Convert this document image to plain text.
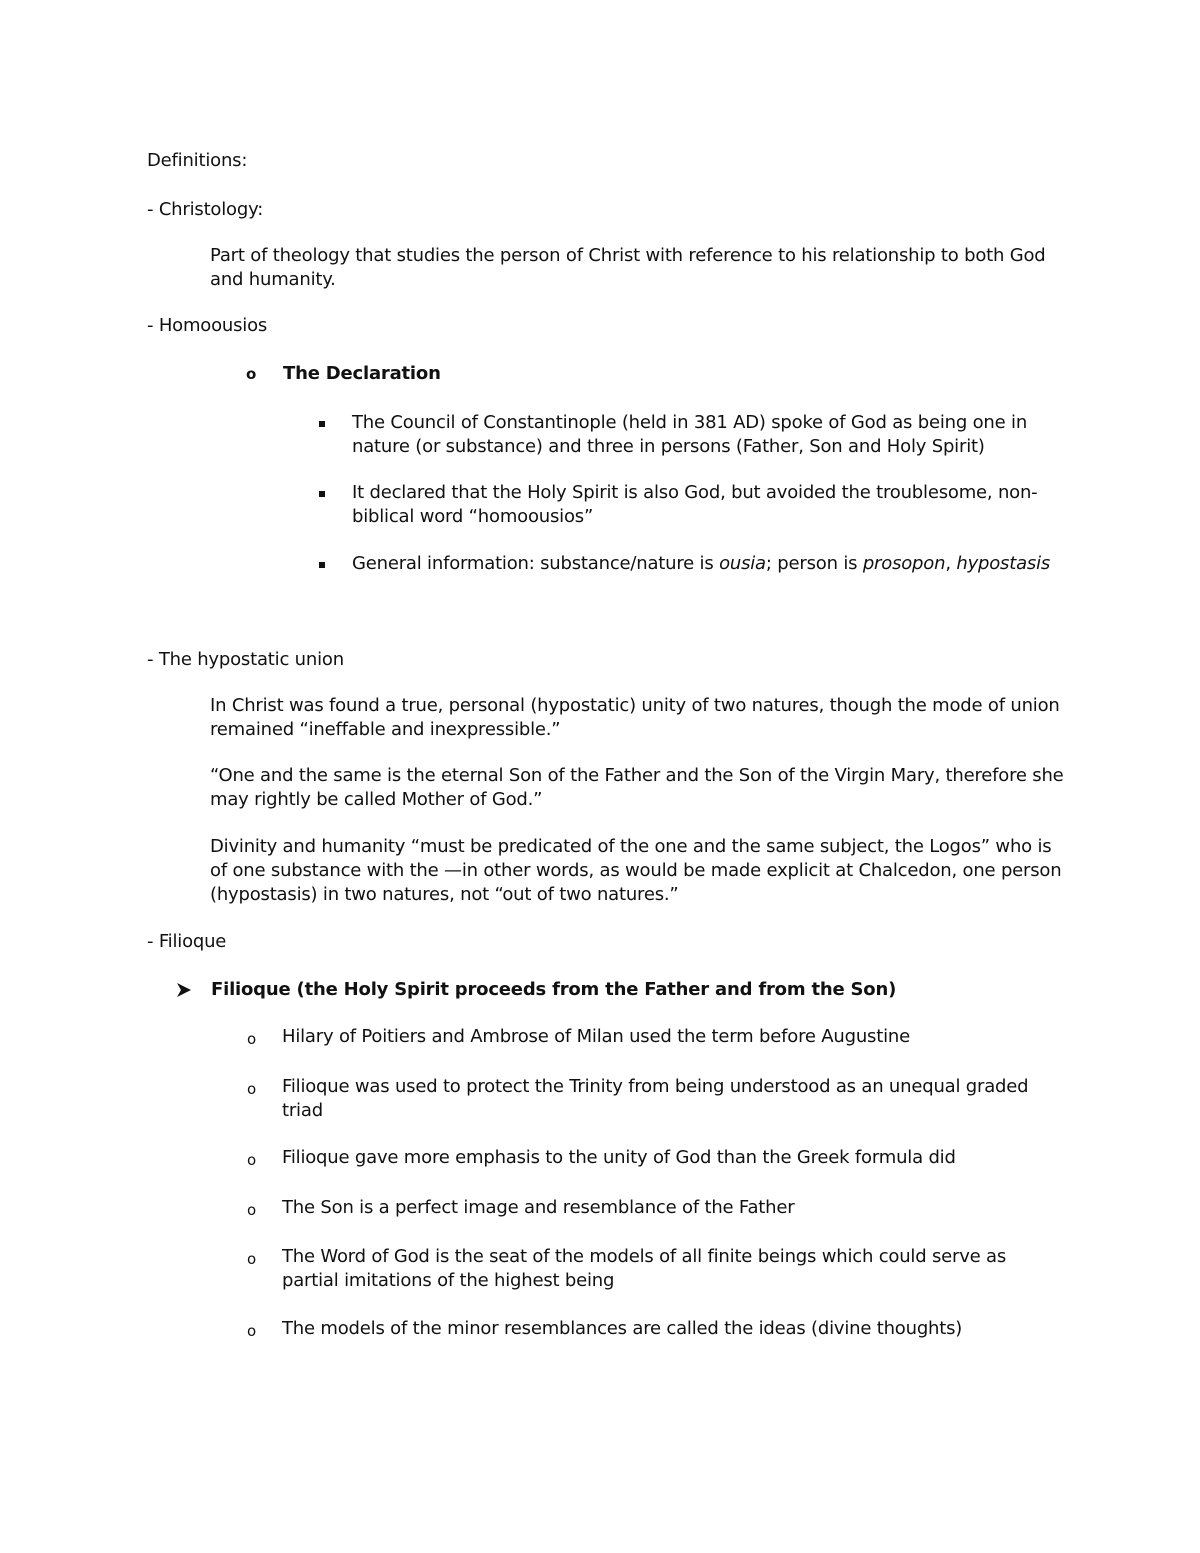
Definitions:
- Christology:
Part of theology that studies the person of Christ with reference to his relationship to both God and humanity.
- Homoousios
o The Declaration
The Council of Constantinople (held in 381 AD) spoke of God as being one in nature (or substance) and three in persons (Father, Son and Holy Spirit)
It declared that the Holy Spirit is also God, but avoided the troublesome, non-biblical word “homoousios”
General information: substance/nature is ousia; person is prosopon, hypostasis
- The hypostatic union
In Christ was found a true, personal (hypostatic) unity of two natures, though the mode of union remained “ineffable and inexpressible.”
“One and the same is the eternal Son of the Father and the Son of the Virgin Mary, therefore she may rightly be called Mother of God.”
Divinity and humanity “must be predicated of the one and the same subject, the Logos” who is of one substance with the —in other words, as would be made explicit at Chalcedon, one person (hypostasis) in two natures, not “out of two natures.”
- Filioque
Filioque (the Holy Spirit proceeds from the Father and from the Son)
o Hilary of Poitiers and Ambrose of Milan used the term before Augustine
o Filioque was used to protect the Trinity from being understood as an unequal graded triad
o Filioque gave more emphasis to the unity of God than the Greek formula did
o The Son is a perfect image and resemblance of the Father
o The Word of God is the seat of the models of all finite beings which could serve as partial imitations of the highest being
o The models of the minor resemblances are called the ideas (divine thoughts)
